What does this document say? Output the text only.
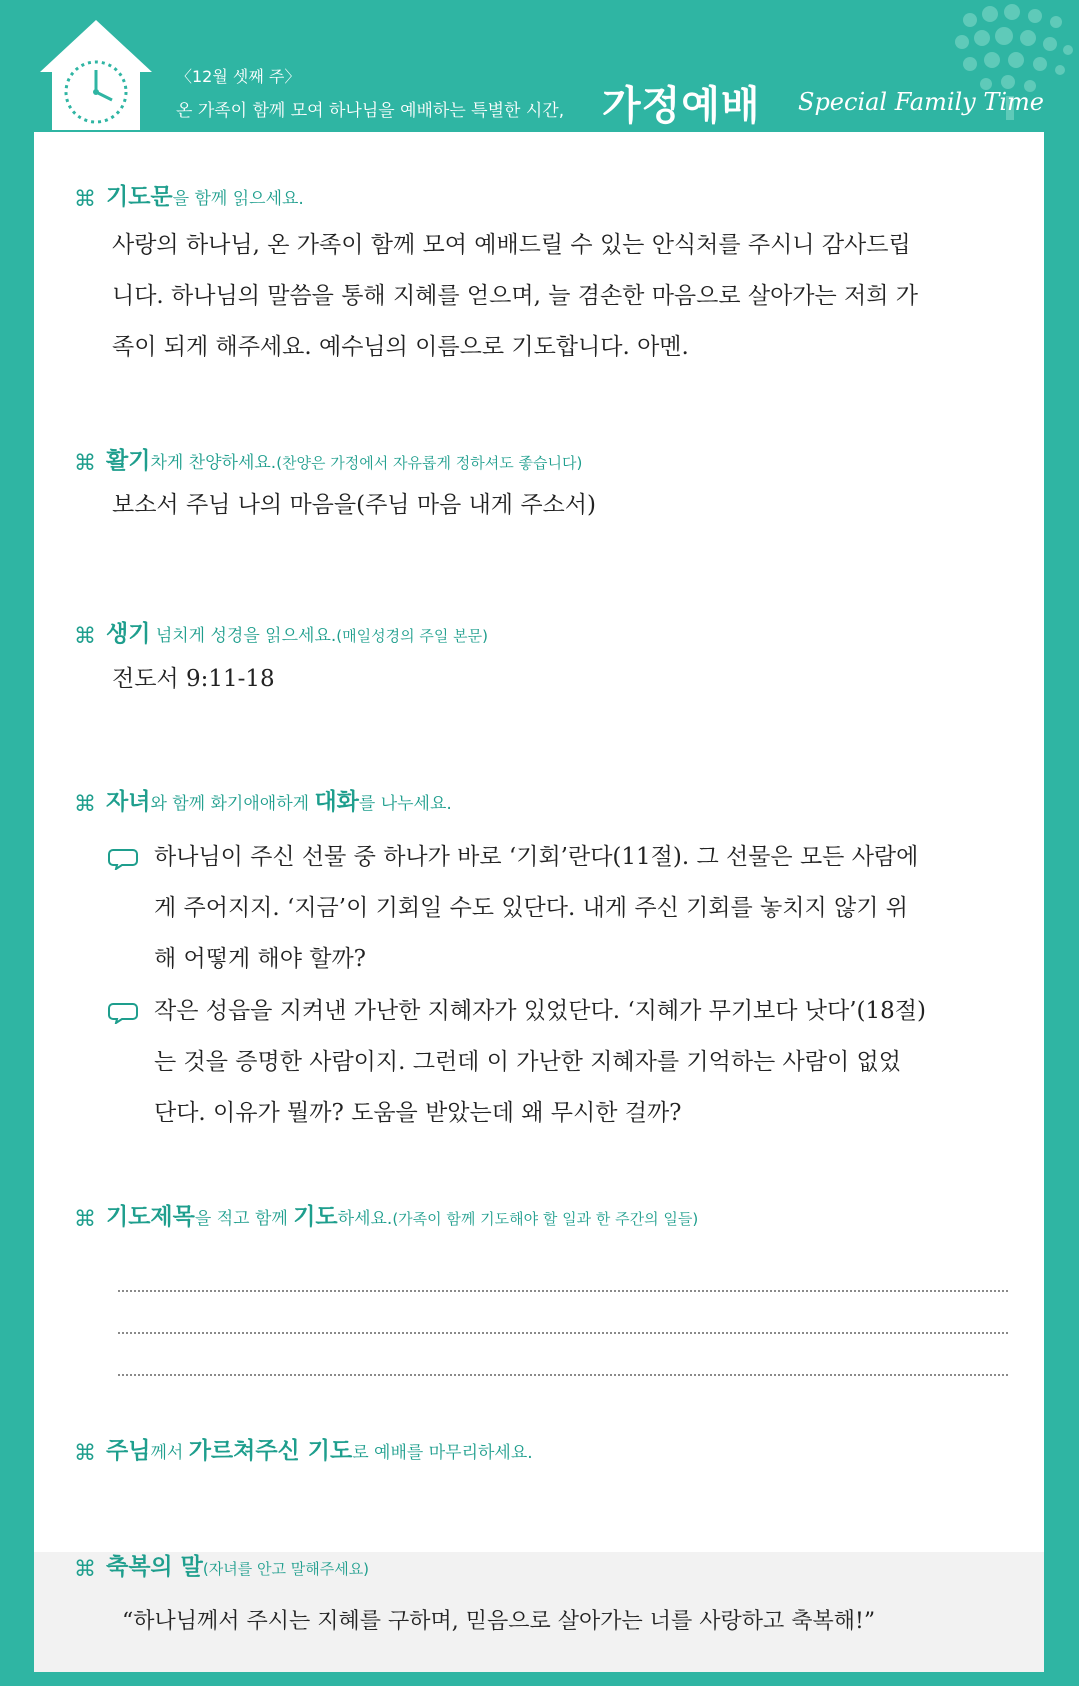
〈12월 셋째 주〉
온 가족이 함께 모여 하나님을 예배하는 특별한 시간, 가정예배 Special Family Time
⌘ 기도문을 함께 읽으세요.
사랑의 하나님, 온 가족이 함께 모여 예배드릴 수 있는 안식처를 주시니 감사드립
니다. 하나님의 말씀을 통해 지혜를 얻으며, 늘 겸손한 마음으로 살아가는 저희 가
족이 되게 해주세요. 예수님의 이름으로 기도합니다. 아멘.
⌘ 활기차게 찬양하세요.(찬양은 가정에서 자유롭게 정하셔도 좋습니다)
보소서 주님 나의 마음을(주님 마음 내게 주소서)
⌘ 생기 넘치게 성경을 읽으세요.(매일성경의 주일 본문)
전도서 9:11-18
⌘ 자녀와 함께 화기애애하게 대화를 나누세요.
하나님이 주신 선물 중 하나가 바로 ‘기회’란다(11절). 그 선물은 모든 사람에
게 주어지지. ‘지금’이 기회일 수도 있단다. 내게 주신 기회를 놓치지 않기 위
해 어떻게 해야 할까?
작은 성읍을 지켜낸 가난한 지혜자가 있었단다. ‘지혜가 무기보다 낫다’(18절)
는 것을 증명한 사람이지. 그런데 이 가난한 지혜자를 기억하는 사람이 없었
단다. 이유가 뭘까? 도움을 받았는데 왜 무시한 걸까?
⌘ 기도제목을 적고 함께 기도하세요.(가족이 함께 기도해야 할 일과 한 주간의 일들)
⌘ 주님께서 가르쳐주신 기도로 예배를 마무리하세요.
⌘ 축복의 말(자녀를 안고 말해주세요)
“하나님께서 주시는 지혜를 구하며, 믿음으로 살아가는 너를 사랑하고 축복해!”
